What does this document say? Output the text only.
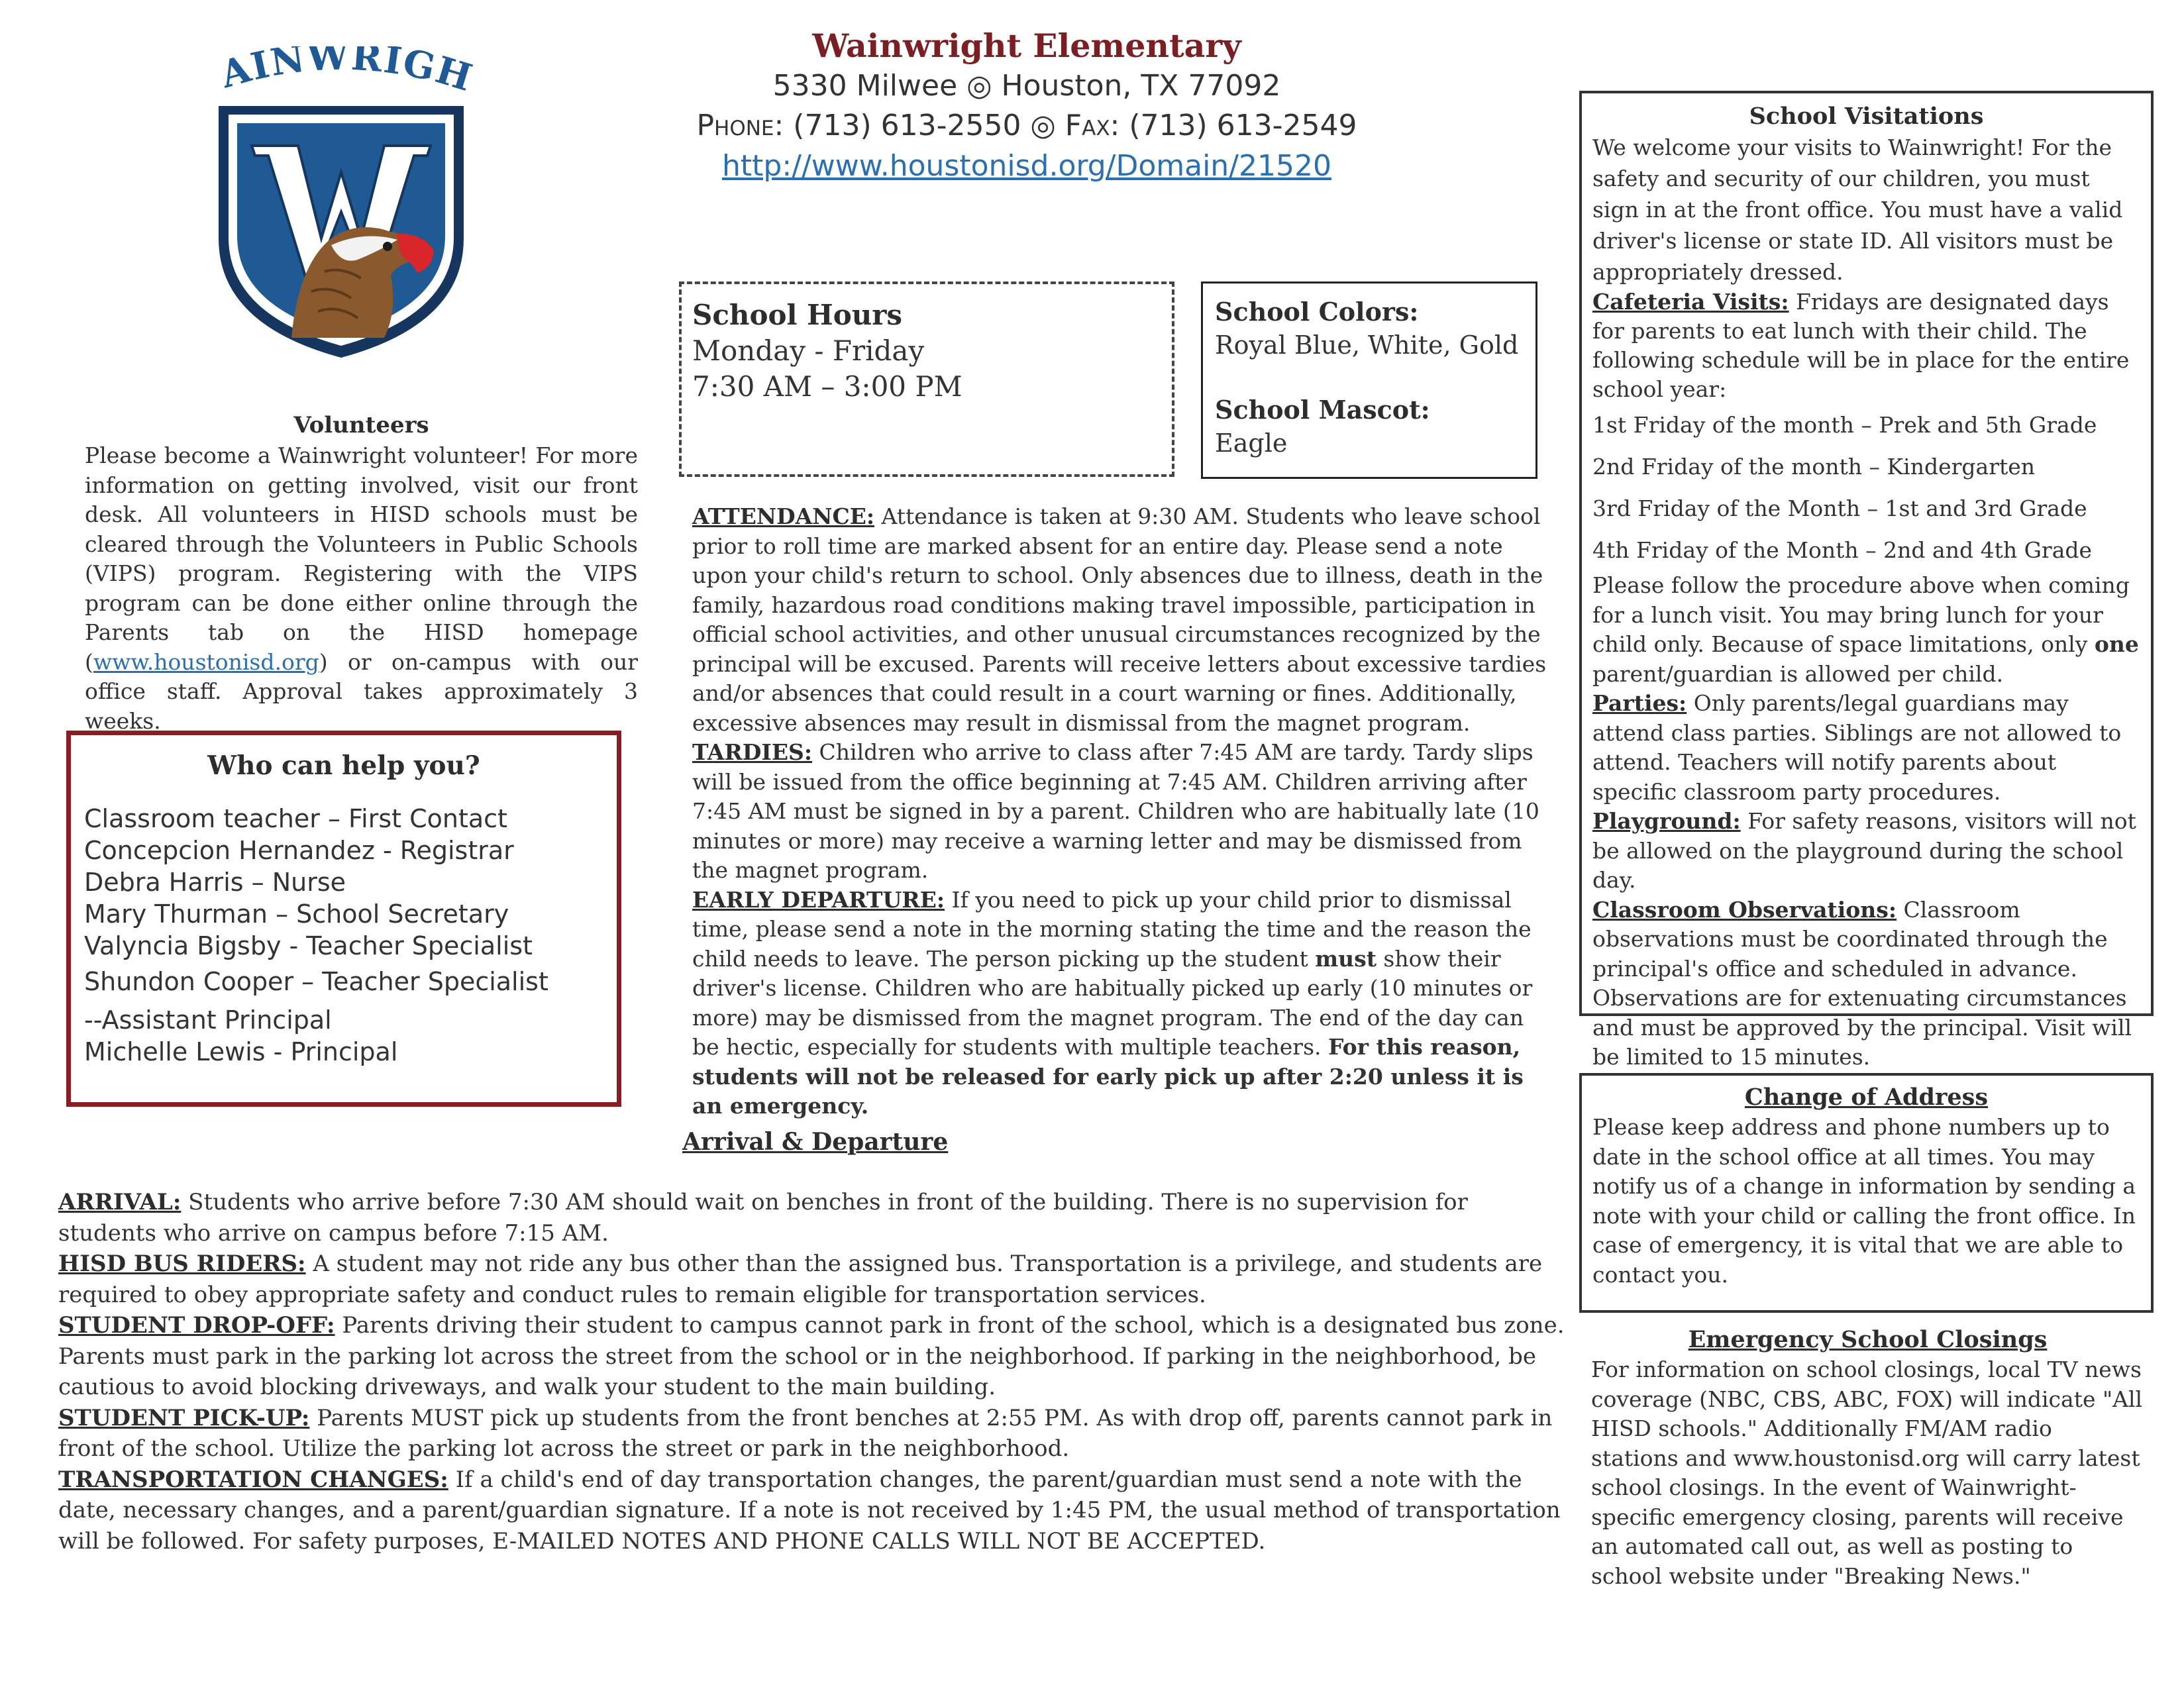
AINWRIGH
Wainwright Elementary
5330 Milwee ◎ Houston, TX 77092
Phone: (713) 613-2550 ◎ Fax: (713) 613-2549
http://www.houstonisd.org/Domain/21520
School Hours
Monday - Friday
7:30 AM – 3:00 PM
School Colors:
Royal Blue, White, Gold
School Mascot:
Eagle
Volunteers

Please become a Wainwright volunteer! For more information on getting involved, visit our front desk. All volunteers in HISD schools must be cleared through the Volunteers in Public Schools (VIPS) program. Registering with the VIPS program can be done either online through the Parents tab on the HISD homepage (www.houstonisd.org) or on-campus with our office staff. Approval takes approximately 3 weeks.

Who can help you?
Classroom teacher – First Contact
Concepcion Hernandez - Registrar
Debra Harris – Nurse
Mary Thurman – School Secretary
Valyncia Bigsby - Teacher Specialist
Shundon Cooper – Teacher Specialist
--Assistant Principal
Michelle Lewis - Principal

ATTENDANCE: Attendance is taken at 9:30 AM. Students who leave school prior to roll time are marked absent for an entire day. Please send a note upon your child's return to school. Only absences due to illness, death in the family, hazardous road conditions making travel impossible, participation in official school activities, and other unusual circumstances recognized by the principal will be excused. Parents will receive letters about excessive tardies and/or absences that could result in a court warning or fines. Additionally, excessive absences may result in dismissal from the magnet program.

TARDIES: Children who arrive to class after 7:45 AM are tardy. Tardy slips will be issued from the office beginning at 7:45 AM. Children arriving after 7:45 AM must be signed in by a parent. Children who are habitually late (10 minutes or more) may receive a warning letter and may be dismissed from the magnet program.

EARLY DEPARTURE: If you need to pick up your child prior to dismissal time, please send a note in the morning stating the time and the reason the child needs to leave. The person picking up the student must show their driver's license. Children who are habitually picked up early (10 minutes or more) may be dismissed from the magnet program. The end of the day can be hectic, especially for students with multiple teachers. For this reason, students will not be released for early pick up after 2:20 unless it is an emergency.

Arrival & Departure

ARRIVAL: Students who arrive before 7:30 AM should wait on benches in front of the building. There is no supervision for students who arrive on campus before 7:15 AM.

HISD BUS RIDERS: A student may not ride any bus other than the assigned bus. Transportation is a privilege, and students are required to obey appropriate safety and conduct rules to remain eligible for transportation services.

STUDENT DROP-OFF: Parents driving their student to campus cannot park in front of the school, which is a designated bus zone. Parents must park in the parking lot across the street from the school or in the neighborhood. If parking in the neighborhood, be cautious to avoid blocking driveways, and walk your student to the main building.

STUDENT PICK-UP: Parents MUST pick up students from the front benches at 2:55 PM. As with drop off, parents cannot park in front of the school. Utilize the parking lot across the street or park in the neighborhood.

TRANSPORTATION CHANGES: If a child's end of day transportation changes, the parent/guardian must send a note with the date, necessary changes, and a parent/guardian signature. If a note is not received by 1:45 PM, the usual method of transportation will be followed. For safety purposes, E-MAILED NOTES AND PHONE CALLS WILL NOT BE ACCEPTED.

School Visitations

We welcome your visits to Wainwright! For the safety and security of our children, you must sign in at the front office. You must have a valid driver's license or state ID. All visitors must be appropriately dressed.

Cafeteria Visits: Fridays are designated days for parents to eat lunch with their child. The following schedule will be in place for the entire school year:

1st Friday of the month – Prek and 5th Grade
2nd Friday of the month – Kindergarten
3rd Friday of the Month – 1st and 3rd Grade
4th Friday of the Month – 2nd and 4th Grade

Please follow the procedure above when coming for a lunch visit. You may bring lunch for your child only. Because of space limitations, only one parent/guardian is allowed per child.

Parties: Only parents/legal guardians may attend class parties. Siblings are not allowed to attend. Teachers will notify parents about specific classroom party procedures.

Playground: For safety reasons, visitors will not be allowed on the playground during the school day.

Classroom Observations: Classroom observations must be coordinated through the principal's office and scheduled in advance. Observations are for extenuating circumstances and must be approved by the principal. Visit will be limited to 15 minutes.

Change of Address

Please keep address and phone numbers up to date in the school office at all times. You may notify us of a change in information by sending a note with your child or calling the front office. In case of emergency, it is vital that we are able to contact you.

Emergency School Closings

For information on school closings, local TV news coverage (NBC, CBS, ABC, FOX) will indicate "All HISD schools." Additionally FM/AM radio stations and www.houstonisd.org will carry latest school closings. In the event of Wainwright-specific emergency closing, parents will receive an automated call out, as well as posting to school website under "Breaking News."
